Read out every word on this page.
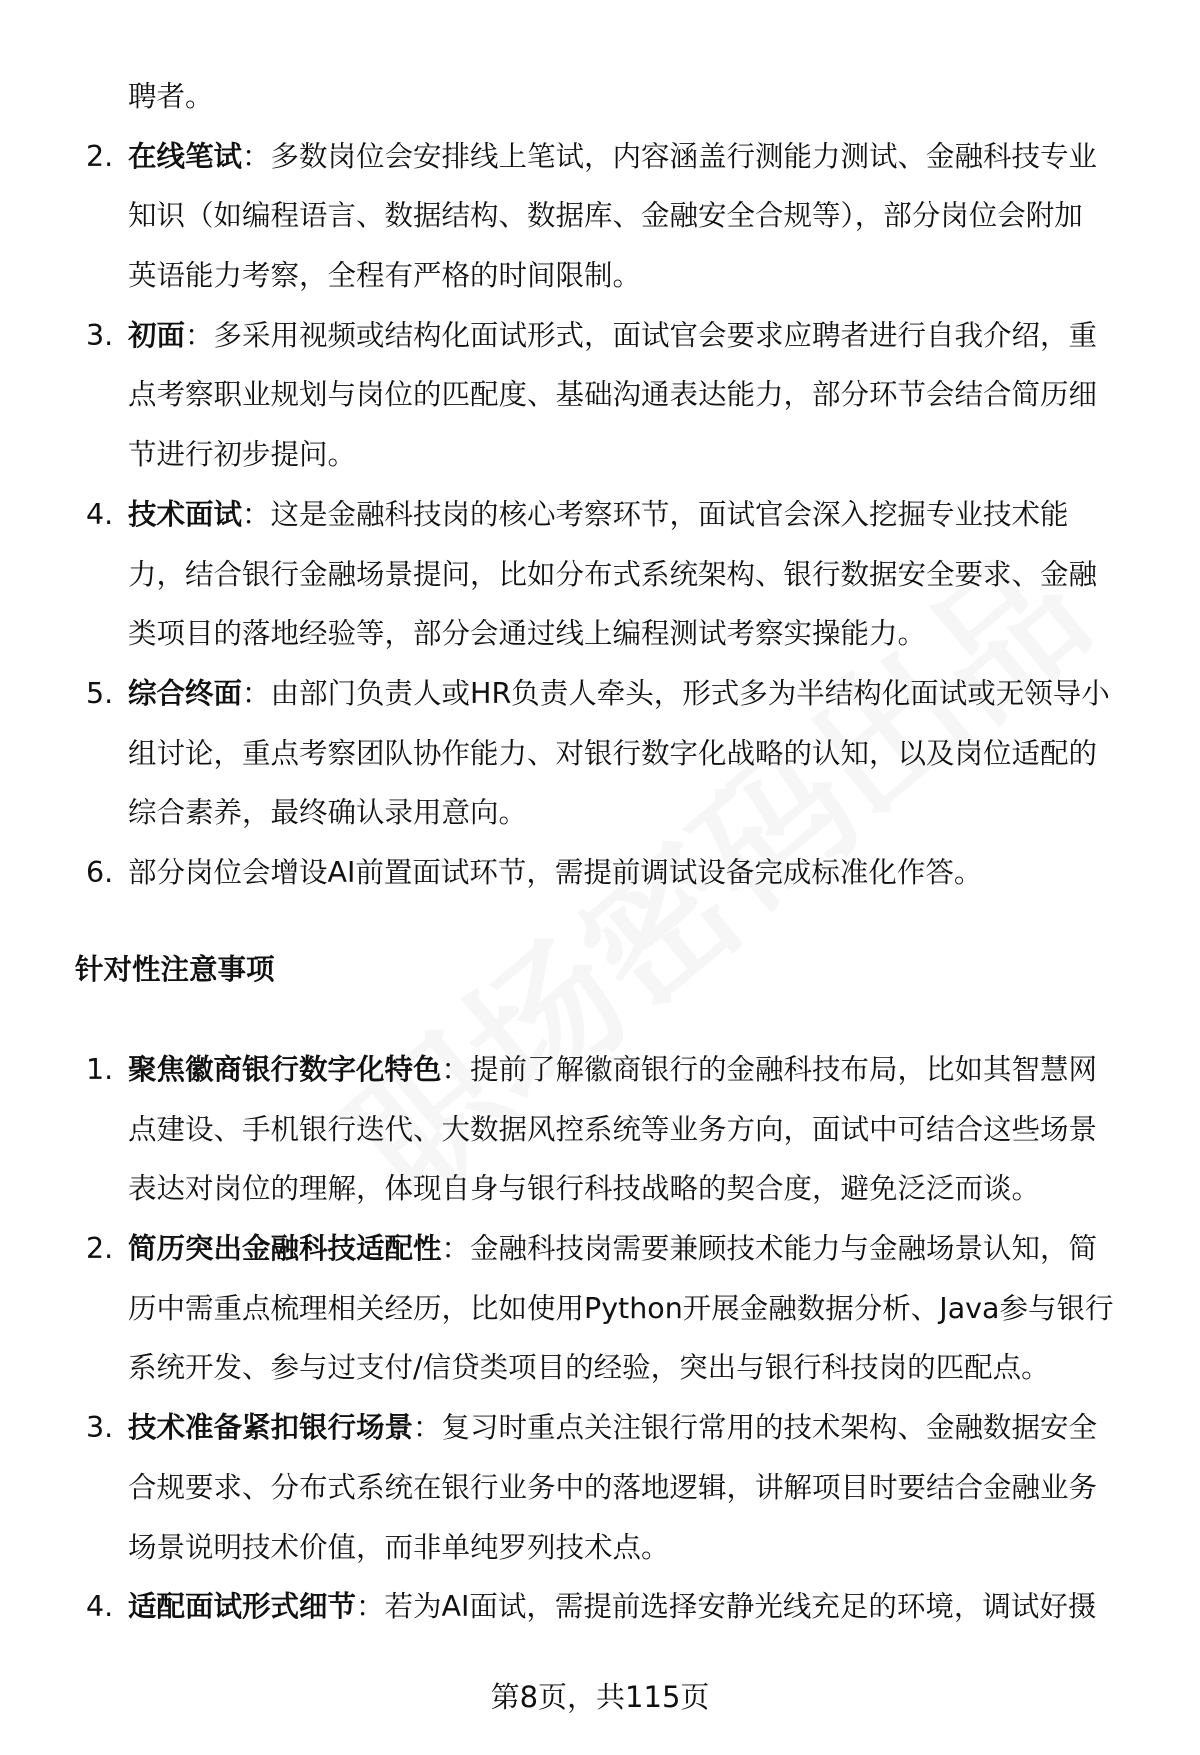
聘者。
2. 在线笔试：多数岗位会安排线上笔试，内容涵盖行测能力测试、金融科技专业
知识（如编程语言、数据结构、数据库、金融安全合规等），部分岗位会附加
英语能力考察，全程有严格的时间限制。
3. 初面：多采用视频或结构化面试形式，面试官会要求应聘者进行自我介绍，重
点考察职业规划与岗位的匹配度、基础沟通表达能力，部分环节会结合简历细
节进行初步提问。
4. 技术面试：这是金融科技岗的核心考察环节，面试官会深入挖掘专业技术能
力，结合银行金融场景提问，比如分布式系统架构、银行数据安全要求、金融
类项目的落地经验等，部分会通过线上编程测试考察实操能力。
5. 综合终面：由部门负责人或HR负责人牵头，形式多为半结构化面试或无领导小
组讨论，重点考察团队协作能力、对银行数字化战略的认知，以及岗位适配的
综合素养，最终确认录用意向。
6. 部分岗位会增设AI前置面试环节，需提前调试设备完成标准化作答。
针对性注意事项
1. 聚焦徽商银行数字化特色：提前了解徽商银行的金融科技布局，比如其智慧网
点建设、手机银行迭代、大数据风控系统等业务方向，面试中可结合这些场景
表达对岗位的理解，体现自身与银行科技战略的契合度，避免泛泛而谈。
2. 简历突出金融科技适配性：金融科技岗需要兼顾技术能力与金融场景认知，简
历中需重点梳理相关经历，比如使用Python开展金融数据分析、Java参与银行
系统开发、参与过支付/信贷类项目的经验，突出与银行科技岗的匹配点。
3. 技术准备紧扣银行场景：复习时重点关注银行常用的技术架构、金融数据安全
合规要求、分布式系统在银行业务中的落地逻辑，讲解项目时要结合金融业务
场景说明技术价值，而非单纯罗列技术点。
4. 适配面试形式细节：若为AI面试，需提前选择安静光线充足的环境，调试好摄
第8页，共115页
